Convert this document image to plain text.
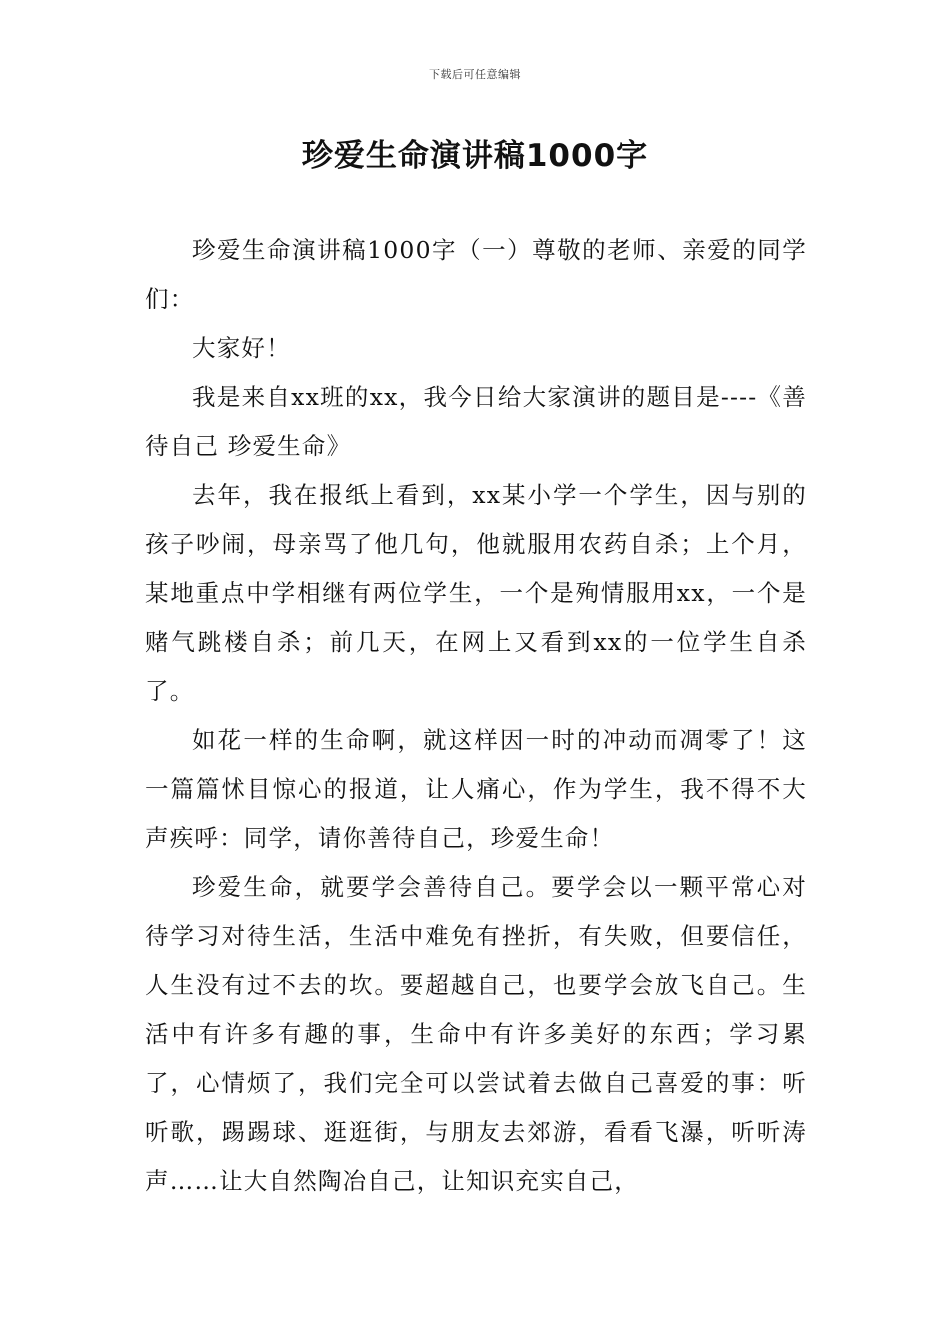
下载后可任意编辑
珍爱生命演讲稿1000字

珍爱生命演讲稿1000字（一）尊敬的老师、亲爱的同学们：

大家好！

我是来自xx班的xx，我今日给大家演讲的题目是----《善待自己 珍爱生命》

去年，我在报纸上看到，xx某小学一个学生，因与别的孩子吵闹，母亲骂了他几句，他就服用农药自杀；上个月，某地重点中学相继有两位学生，一个是殉情服用xx，一个是赌气跳楼自杀；前几天，在网上又看到xx的一位学生自杀了。

如花一样的生命啊，就这样因一时的冲动而凋零了！这一篇篇怵目惊心的报道，让人痛心，作为学生，我不得不大声疾呼：同学，请你善待自己，珍爱生命！

珍爱生命，就要学会善待自己。要学会以一颗平常心对待学习对待生活，生活中难免有挫折，有失败，但要信任，人生没有过不去的坎。要超越自己，也要学会放飞自己。生活中有许多有趣的事，生命中有许多美好的东西；学习累了，心情烦了，我们完全可以尝试着去做自己喜爱的事：听听歌，踢踢球、逛逛街，与朋友去郊游，看看飞瀑，听听涛声……让大自然陶冶自己，让知识充实自己，
